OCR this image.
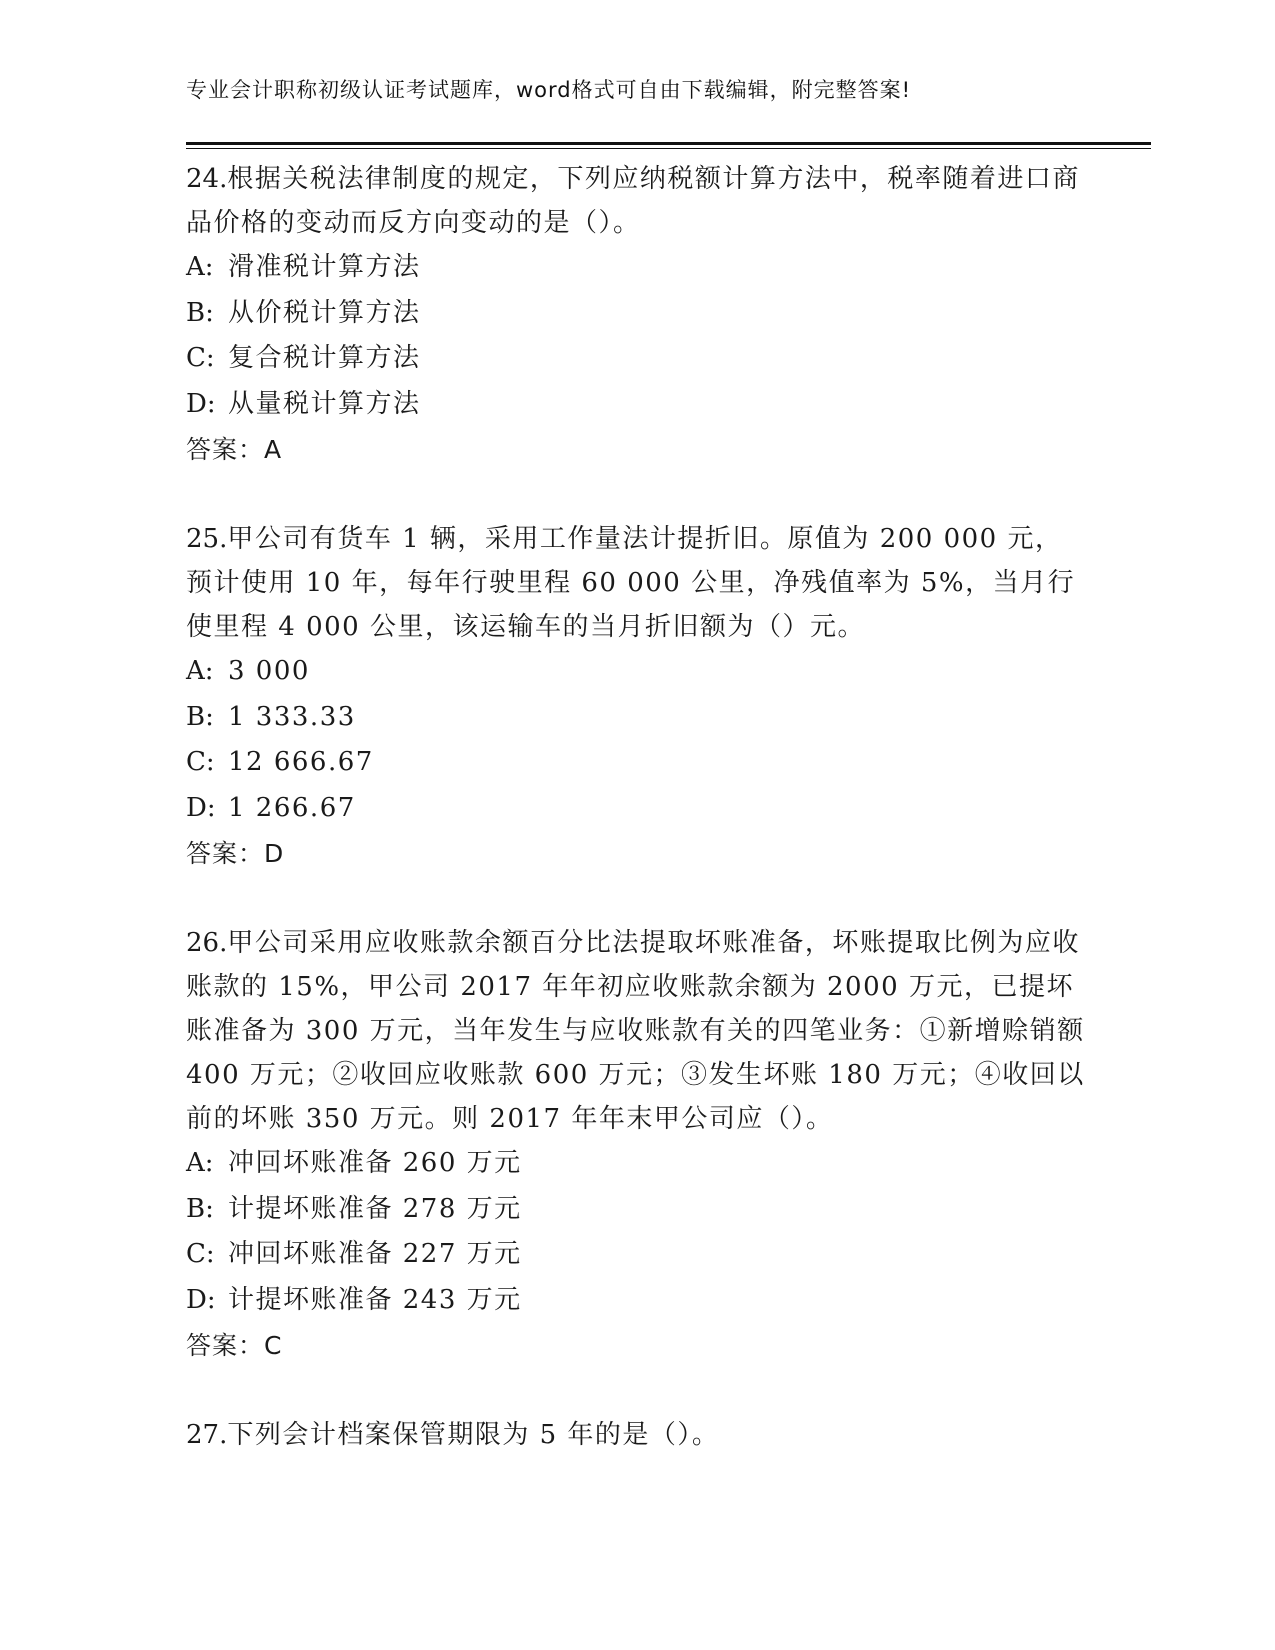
专业会计职称初级认证考试题库，word格式可自由下载编辑，附完整答案!

24.根据关税法律制度的规定，下列应纳税额计算方法中，税率随着进口商品价格的变动而反方向变动的是（）。

A: 滑准税计算方法

B: 从价税计算方法

C: 复合税计算方法

D: 从量税计算方法

答案：A

25.甲公司有货车 1 辆，采用工作量法计提折旧。原值为 200 000 元，预计使用 10 年，每年行驶里程 60 000 公里，净残值率为 5%，当月行使里程 4 000 公里，该运输车的当月折旧额为（）元。

A: 3 000

B: 1 333.33

C: 12 666.67

D: 1 266.67

答案：D

26.甲公司采用应收账款余额百分比法提取坏账准备，坏账提取比例为应收账款的 15%，甲公司 2017 年年初应收账款余额为 2000 万元，已提坏账准备为 300 万元，当年发生与应收账款有关的四笔业务：①新增赊销额 400 万元；②收回应收账款 600 万元；③发生坏账 180 万元；④收回以前的坏账 350 万元。则 2017 年年末甲公司应（）。

A: 冲回坏账准备 260 万元

B: 计提坏账准备 278 万元

C: 冲回坏账准备 227 万元

D: 计提坏账准备 243 万元

答案：C

27.下列会计档案保管期限为 5 年的是（）。
